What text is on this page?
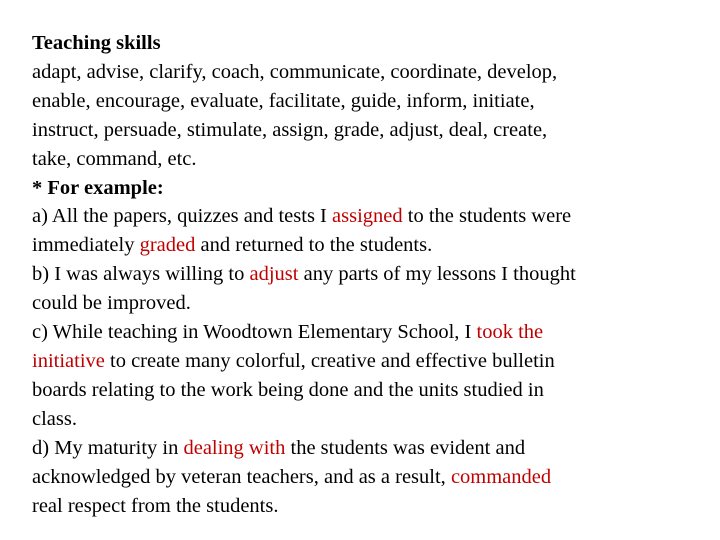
Teaching skills
adapt, advise, clarify, coach, communicate, coordinate, develop,
enable, encourage, evaluate, facilitate, guide, inform, initiate,
instruct, persuade, stimulate, assign, grade, adjust, deal, create,
take, command, etc.
* For example:
a) All the papers, quizzes and tests I assigned to the students were
immediately graded and returned to the students.
b) I was always willing to adjust any parts of my lessons I thought
could be improved.
c) While teaching in Woodtown Elementary School, I took the
initiative to create many colorful, creative and effective bulletin
boards relating to the work being done and the units studied in
class.
d) My maturity in dealing with the students was evident and
acknowledged by veteran teachers, and as a result, commanded
real respect from the students.
